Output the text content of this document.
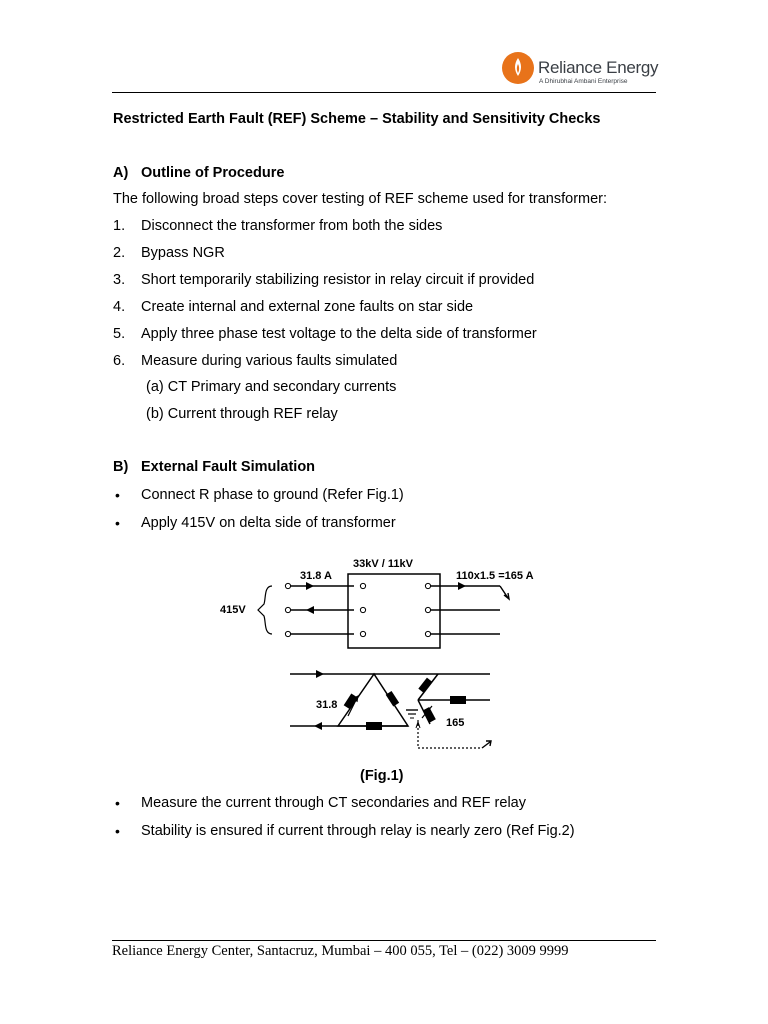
Reliance Energy
A Dhirubhai Ambani Enterprise
Restricted Earth Fault (REF) Scheme – Stability and Sensitivity Checks
A) Outline of Procedure
The following broad steps cover testing of REF scheme used for transformer:
1.	Disconnect the transformer from both the sides
2.	Bypass NGR
3.	Short temporarily stabilizing resistor in relay circuit if provided
4.	Create internal and external zone faults on star side
5.	Apply three phase test voltage to the delta side of transformer
6.	Measure during various faults simulated
(a) CT Primary and secondary currents
(b) Current through REF relay
B) External Fault Simulation
• Connect R phase to ground (Refer Fig.1)
• Apply 415V on delta side of transformer
33kV / 11kV
31.8 A	110x1.5 =165 A
415V
31.8
165
(Fig.1)
• Measure the current through CT secondaries and REF relay
• Stability is ensured if current through relay is nearly zero (Ref Fig.2)
Reliance Energy Center, Santacruz, Mumbai – 400 055, Tel – (022) 3009 9999
